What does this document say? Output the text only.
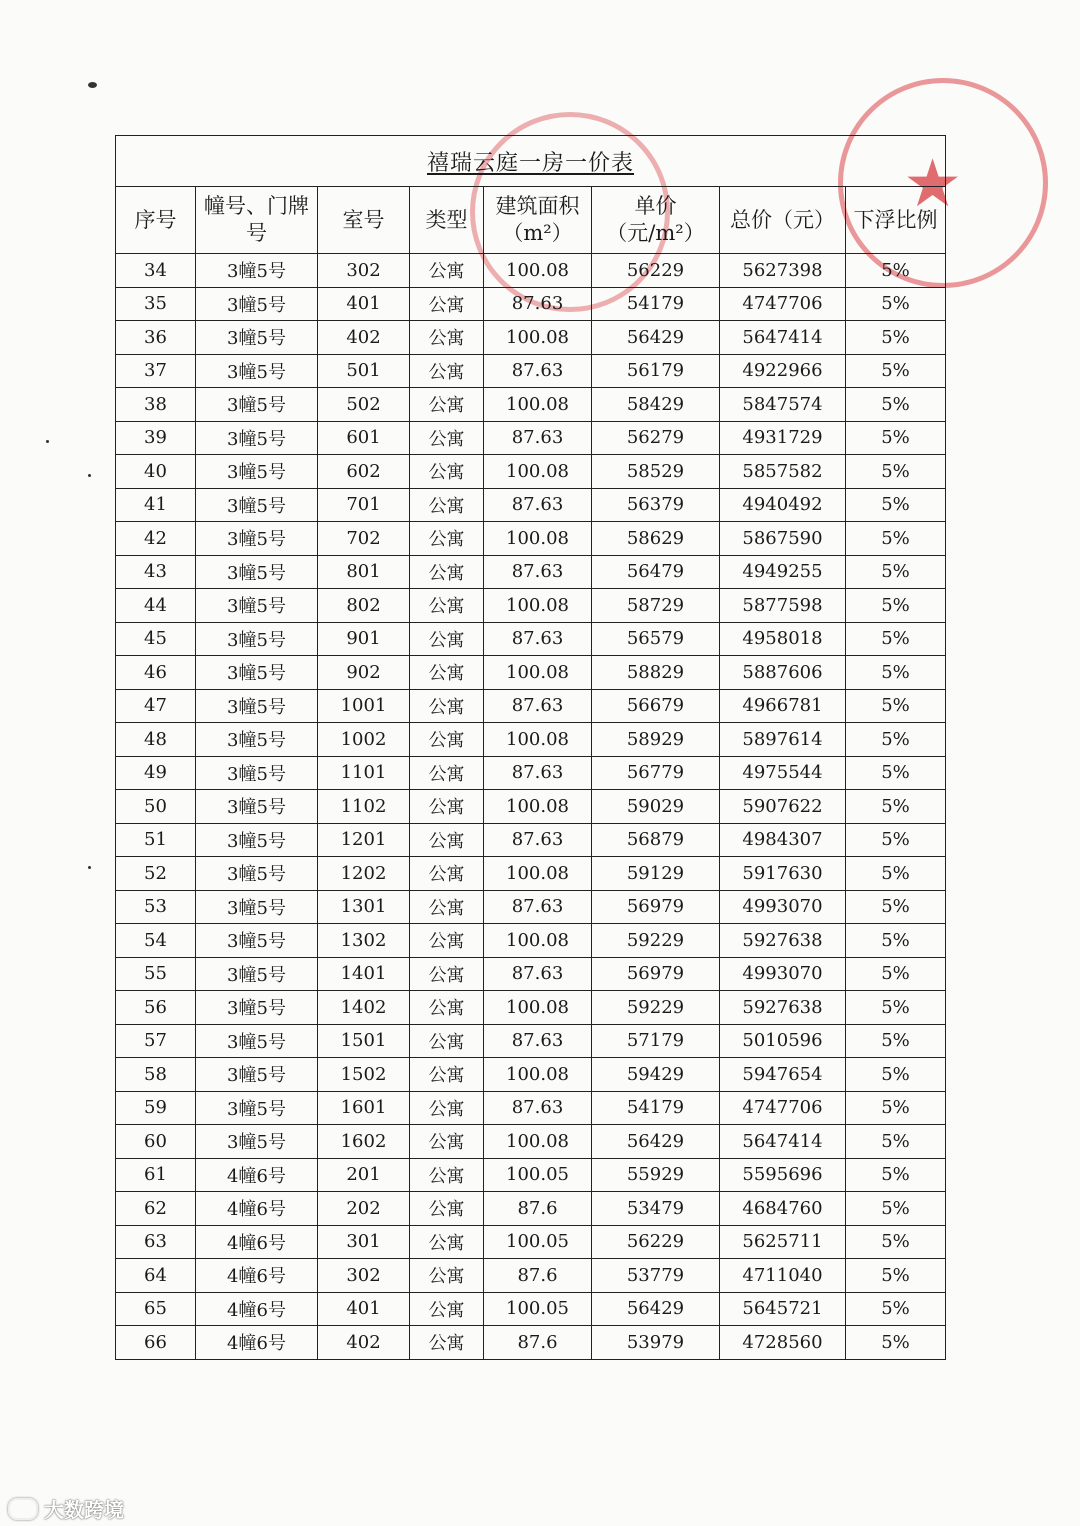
★
禧瑞云庭一房一价表							
序号	幢号、门牌号	室号	类型	建筑面积（m²）	单价（元/m²）	总价（元）	下浮比例
34	3幢5号	302	公寓	100.08	56229	5627398	5%
35	3幢5号	401	公寓	87.63	54179	4747706	5%
36	3幢5号	402	公寓	100.08	56429	5647414	5%
37	3幢5号	501	公寓	87.63	56179	4922966	5%
38	3幢5号	502	公寓	100.08	58429	5847574	5%
39	3幢5号	601	公寓	87.63	56279	4931729	5%
40	3幢5号	602	公寓	100.08	58529	5857582	5%
41	3幢5号	701	公寓	87.63	56379	4940492	5%
42	3幢5号	702	公寓	100.08	58629	5867590	5%
43	3幢5号	801	公寓	87.63	56479	4949255	5%
44	3幢5号	802	公寓	100.08	58729	5877598	5%
45	3幢5号	901	公寓	87.63	56579	4958018	5%
46	3幢5号	902	公寓	100.08	58829	5887606	5%
47	3幢5号	1001	公寓	87.63	56679	4966781	5%
48	3幢5号	1002	公寓	100.08	58929	5897614	5%
49	3幢5号	1101	公寓	87.63	56779	4975544	5%
50	3幢5号	1102	公寓	100.08	59029	5907622	5%
51	3幢5号	1201	公寓	87.63	56879	4984307	5%
52	3幢5号	1202	公寓	100.08	59129	5917630	5%
53	3幢5号	1301	公寓	87.63	56979	4993070	5%
54	3幢5号	1302	公寓	100.08	59229	5927638	5%
55	3幢5号	1401	公寓	87.63	56979	4993070	5%
56	3幢5号	1402	公寓	100.08	59229	5927638	5%
57	3幢5号	1501	公寓	87.63	57179	5010596	5%
58	3幢5号	1502	公寓	100.08	59429	5947654	5%
59	3幢5号	1601	公寓	87.63	54179	4747706	5%
60	3幢5号	1602	公寓	100.08	56429	5647414	5%
61	4幢6号	201	公寓	100.05	55929	5595696	5%
62	4幢6号	202	公寓	87.6	53479	4684760	5%
63	4幢6号	301	公寓	100.05	56229	5625711	5%
64	4幢6号	302	公寓	87.6	53779	4711040	5%
65	4幢6号	401	公寓	100.05	56429	5645721	5%
66	4幢6号	402	公寓	87.6	53979	4728560	5%
大数跨境
